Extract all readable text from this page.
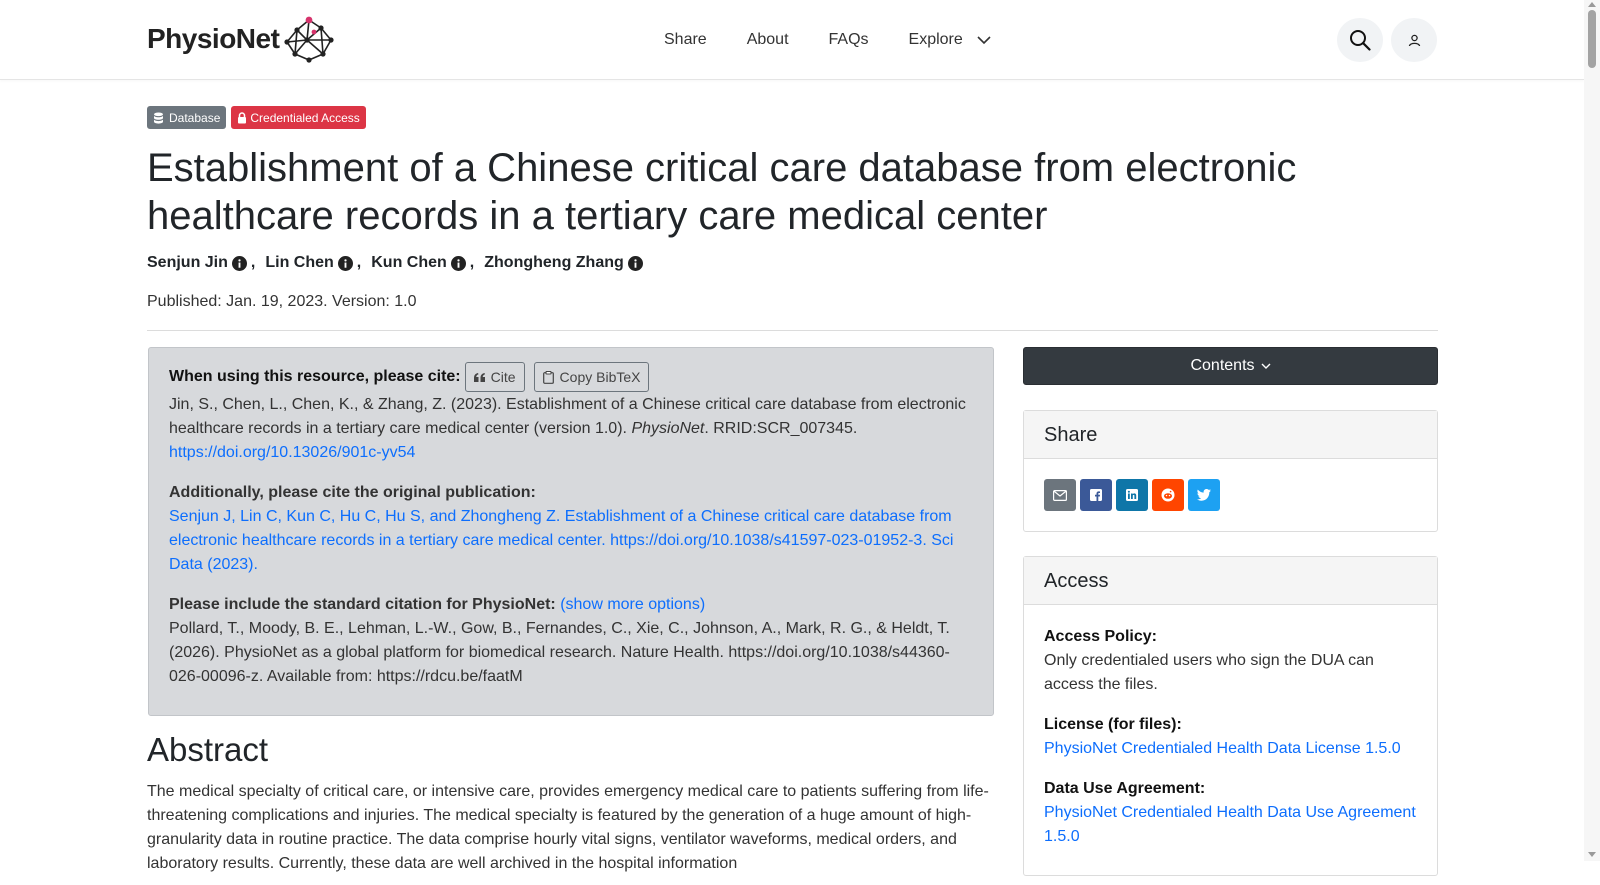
PhysioNet	Share	About	FAQs	Explore
Database	Credentialed Access
Establishment of a Chinese critical care database from electronic healthcare records in a tertiary care medical center
Senjun Jin , Lin Chen , Kun Chen , Zhongheng Zhang
Published: Jan. 19, 2023. Version: 1.0
When using this resource, please cite: Cite	Copy BibTeX

Jin, S., Chen, L., Chen, K., & Zhang, Z. (2023). Establishment of a Chinese critical care database from electronic healthcare records in a tertiary care medical center (version 1.0). PhysioNet. RRID:SCR_007345.
https://doi.org/10.13026/901c-yv54

Additionally, please cite the original publication:
Senjun J, Lin C, Kun C, Hu C, Hu S, and Zhongheng Z. Establishment of a Chinese critical care database from electronic healthcare records in a tertiary care medical center. https://doi.org/10.1038/s41597-023-01952-3. Sci Data (2023).

Please include the standard citation for PhysioNet: (show more options)
Pollard, T., Moody, B. E., Lehman, L.-W., Gow, B., Fernandes, C., Xie, C., Johnson, A., Mark, R. G., & Heldt, T. (2026). PhysioNet as a global platform for biomedical research. Nature Health. https://doi.org/10.1038/s44360-026-00096-z. Available from: https://rdcu.be/faatM

Abstract

The medical specialty of critical care, or intensive care, provides emergency medical care to patients suffering from life-threatening complications and injuries. The medical specialty is featured by the generation of a huge amount of high-granularity data in routine practice. The data comprise hourly vital signs, ventilator waveforms, medical orders, and laboratory results. Currently, these data are well archived in the hospital information

Contents
Share
Access
Access Policy:
Only credentialed users who sign the DUA can access the files.
License (for files):
PhysioNet Credentialed Health Data License 1.5.0
Data Use Agreement:
PhysioNet Credentialed Health Data Use Agreement 1.5.0
